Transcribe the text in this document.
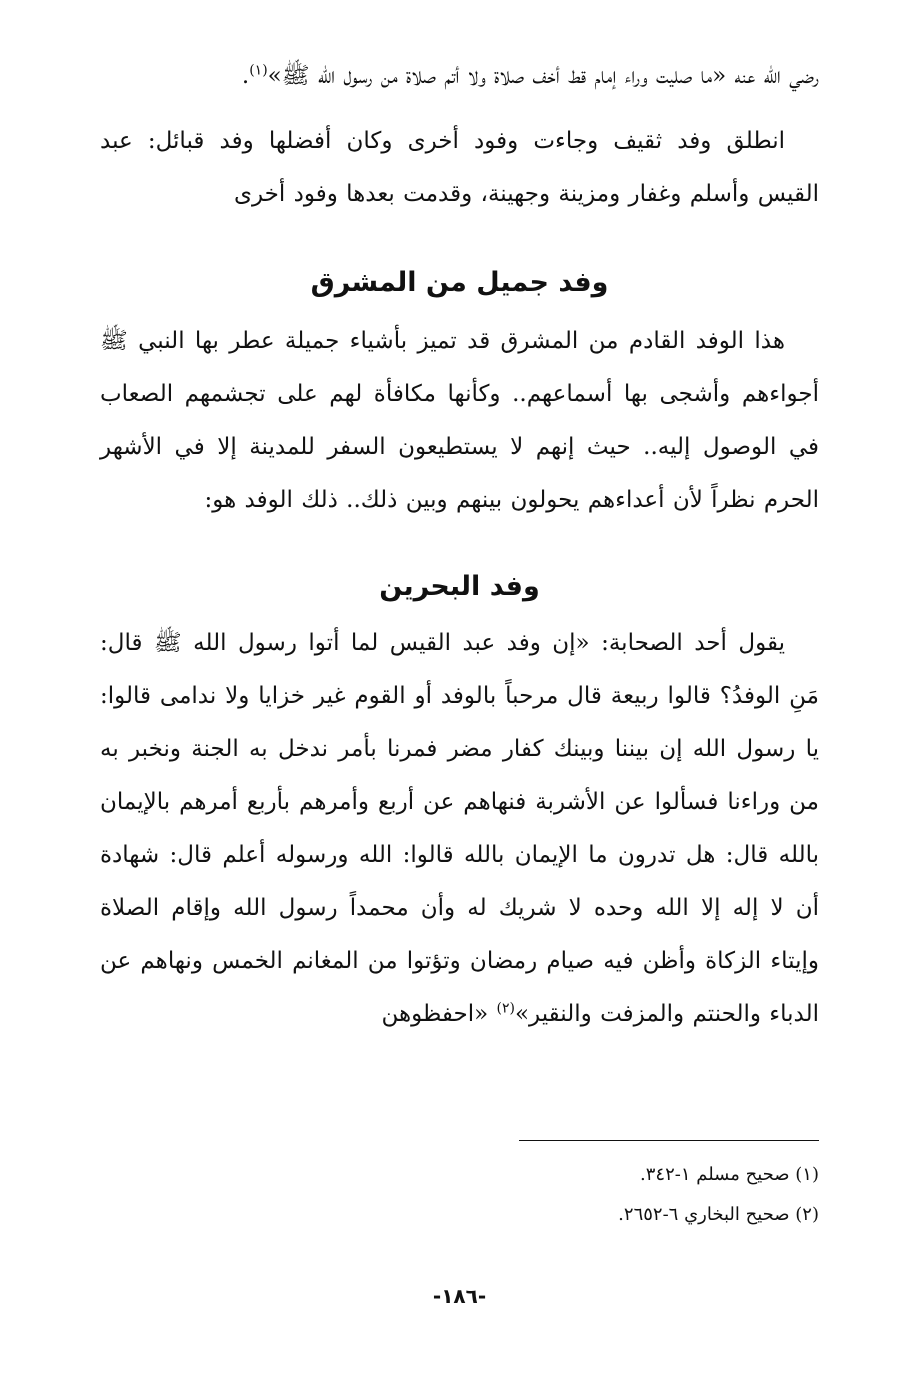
رضي الله عنه «ما صليت وراء إمام قط أخف صلاة ولا أتم صلاة من رسول الله ﷺ»$^{(١)}$.

انطلق وفد ثقيف وجاءت وفود أخرى وكان أفضلها وفد قبائل: عبد القيس وأسلم وغفار ومزينة وجهينة، وقدمت بعدها وفود أخرى

وفد جميل من المشرق

هذا الوفد القادم من المشرق قد تميز بأشياء جميلة عطر بها النبي ﷺ أجواءهم وأشجى بها أسماعهم.. وكأنها مكافأة لهم على تجشمهم الصعاب في الوصول إليه.. حيث إنهم لا يستطيعون السفر للمدينة إلا في الأشهر الحرم نظراً لأن أعداءهم يحولون بينهم وبين ذلك.. ذلك الوفد هو:

وفد البحرين

يقول أحد الصحابة: «إن وفد عبد القيس لما أتوا رسول الله ﷺ قال: مَنِ الوفدُ؟ قالوا ربيعة قال مرحباً بالوفد أو القوم غير خزايا ولا ندامى قالوا: يا رسول الله إن بيننا وبينك كفار مضر فمرنا بأمر ندخل به الجنة ونخبر به من وراءنا فسألوا عن الأشربة فنهاهم عن أربع وأمرهم بأربع أمرهم بالإيمان بالله قال: هل تدرون ما الإيمان بالله قالوا: الله ورسوله أعلم قال: شهادة أن لا إله إلا الله وحده لا شريك له وأن محمداً رسول الله وإقام الصلاة وإيتاء الزكاة وأظن فيه صيام رمضان وتؤتوا من المغانم الخمس ونهاهم عن الدباء والحنتم والمزفت والنقير»$^{(٢)}$ «احفظوهن

(١) صحيح مسلم ١-٣٤٢.

(٢) صحيح البخاري ٦-٢٦٥٢.

-١٨٦-
